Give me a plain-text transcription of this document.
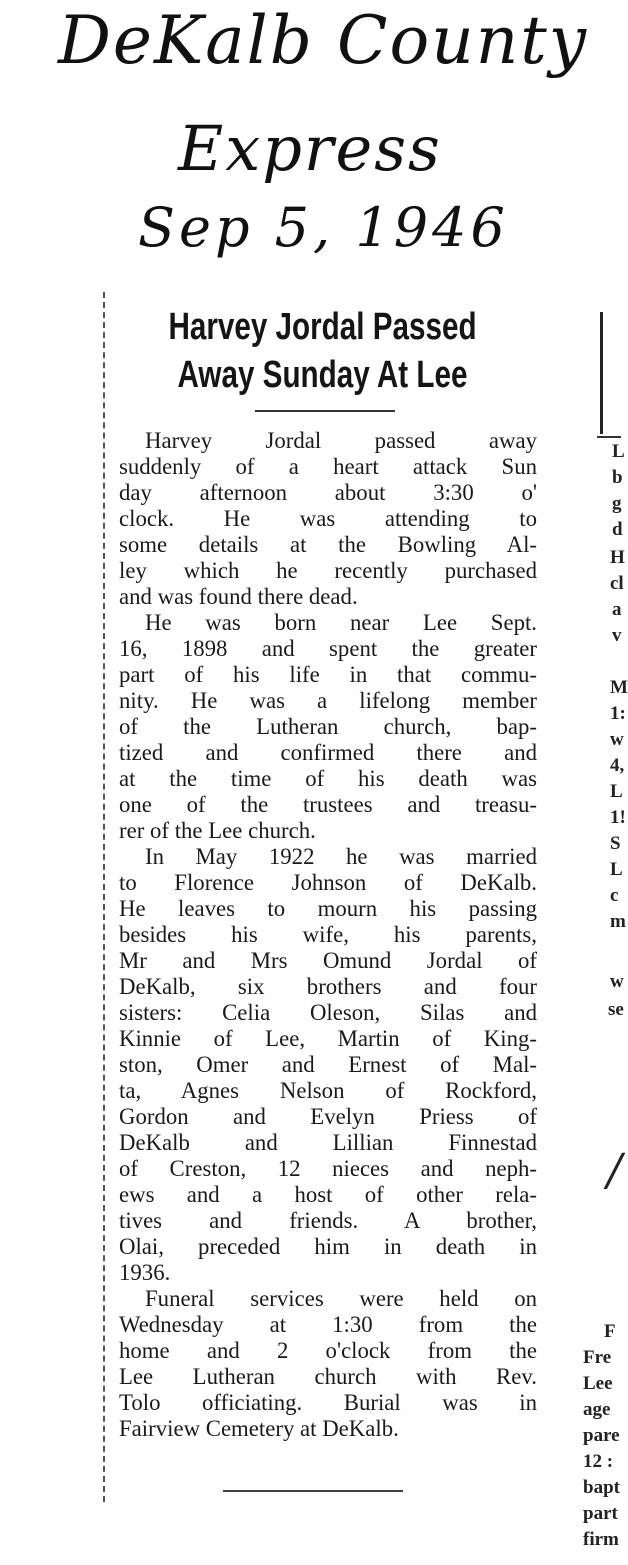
DeKalb County
Express
Sep 5, 1946
Harvey Jordal Passed
Away Sunday At Lee
Harvey Jordal passed away
suddenly of a heart attack Sun
day afternoon about 3:30 o'
clock. He was attending to
some details at the Bowling Al-
ley which he recently purchased
and was found there dead.
He was born near Lee Sept.
16, 1898 and spent the greater
part of his life in that commu-
nity. He was a lifelong member
of the Lutheran church, bap-
tized and confirmed there and
at the time of his death was
one of the trustees and treasu-
rer of the Lee church.
In May 1922 he was married
to Florence Johnson of DeKalb.
He leaves to mourn his passing
besides his wife, his parents,
Mr and Mrs Omund Jordal of
DeKalb, six brothers and four
sisters: Celia Oleson, Silas and
Kinnie of Lee, Martin of King-
ston, Omer and Ernest of Mal-
ta, Agnes Nelson of Rockford,
Gordon and Evelyn Priess of
DeKalb and Lillian Finnestad
of Creston, 12 nieces and neph-
ews and a host of other rela-
tives and friends. A brother,
Olai, preceded him in death in
1936.
Funeral services were held on
Wednesday at 1:30 from the
home and 2 o'clock from the
Lee Lutheran church with Rev.
Tolo officiating. Burial was in
Fairview Cemetery at DeKalb.
L
b
g
d
H
cl
a
v
M
1:
w
4,
L
1!
S
L
c
m
w
se
F
Fre
Lee
age
pare
12 :
bapt
part
firm
/
